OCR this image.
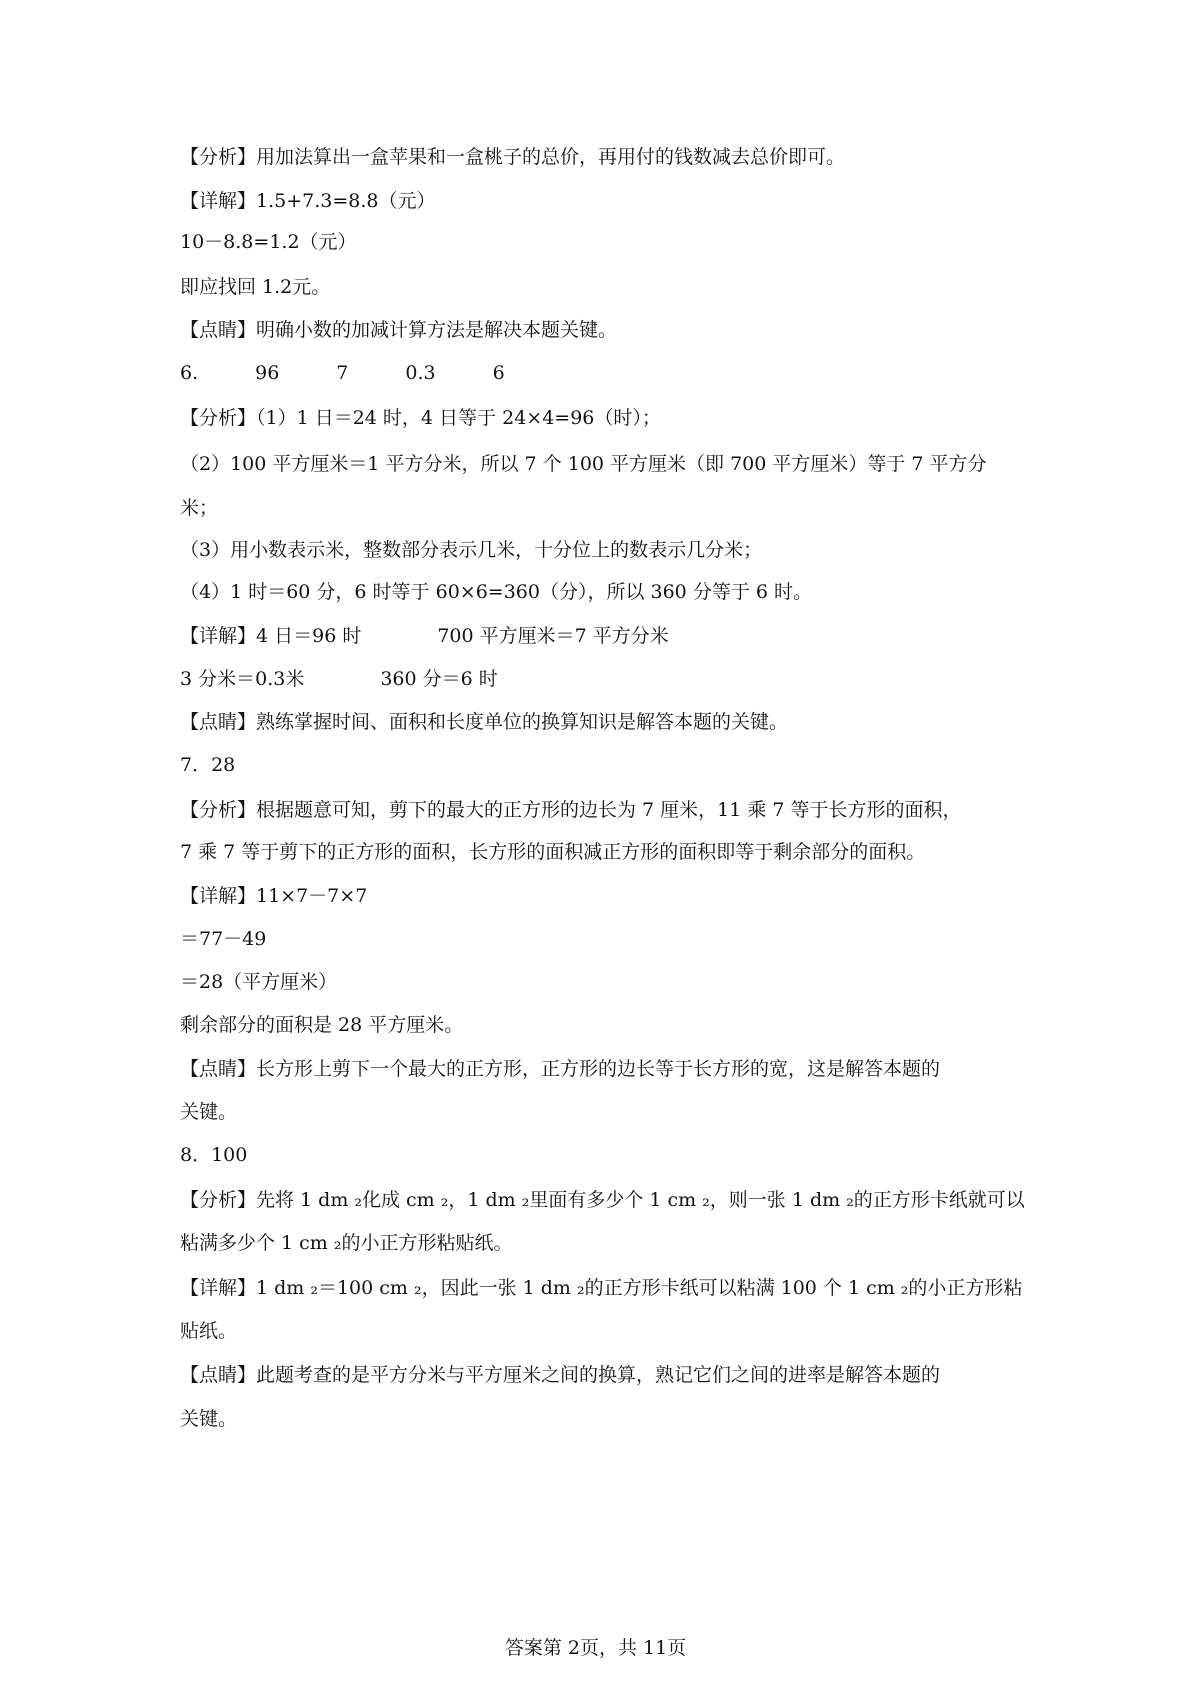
【分析】用加法算出一盒苹果和一盒桃子的总价，再用付的钱数减去总价即可。
【详解】1.5+7.3=8.8（元）
10－8.8=1.2（元）
即应找回 1.2元。
【点睛】明确小数的加减计算方法是解决本题关键。
6.　　　96　　　7　　　0.3　　　6
【分析】（1）1 日＝24 时，4 日等于 24×4=96（时）；
（2）100 平方厘米＝1 平方分米，所以 7 个 100 平方厘米（即 700 平方厘米）等于 7 平方分
米；
（3）用小数表示米，整数部分表示几米，十分位上的数表示几分米；
（4）1 时＝60 分，6 时等于 60×6=360（分），所以 360 分等于 6 时。
【详解】4 日＝96 时　　　　700 平方厘米＝7 平方分米
3 分米＝0.3米　　　　360 分＝6 时
【点睛】熟练掌握时间、面积和长度单位的换算知识是解答本题的关键。
7．28
【分析】根据题意可知，剪下的最大的正方形的边长为 7 厘米，11 乘 7 等于长方形的面积，
7 乘 7 等于剪下的正方形的面积，长方形的面积减正方形的面积即等于剩余部分的面积。
【详解】11×7－7×7
＝77－49
＝28（平方厘米）
剩余部分的面积是 28 平方厘米。
【点睛】长方形上剪下一个最大的正方形，正方形的边长等于长方形的宽，这是解答本题的
关键。
8．100
【分析】先将 1 dm ₂化成 cm ₂，1 dm ₂里面有多少个 1 cm ₂，则一张 1 dm ₂的正方形卡纸就可以
粘满多少个 1 cm ₂的小正方形粘贴纸。
【详解】1 dm ₂＝100 cm ₂，因此一张 1 dm ₂的正方形卡纸可以粘满 100 个 1 cm ₂的小正方形粘
贴纸。
【点睛】此题考查的是平方分米与平方厘米之间的换算，熟记它们之间的进率是解答本题的
关键。
答案第 2页，共 11页
